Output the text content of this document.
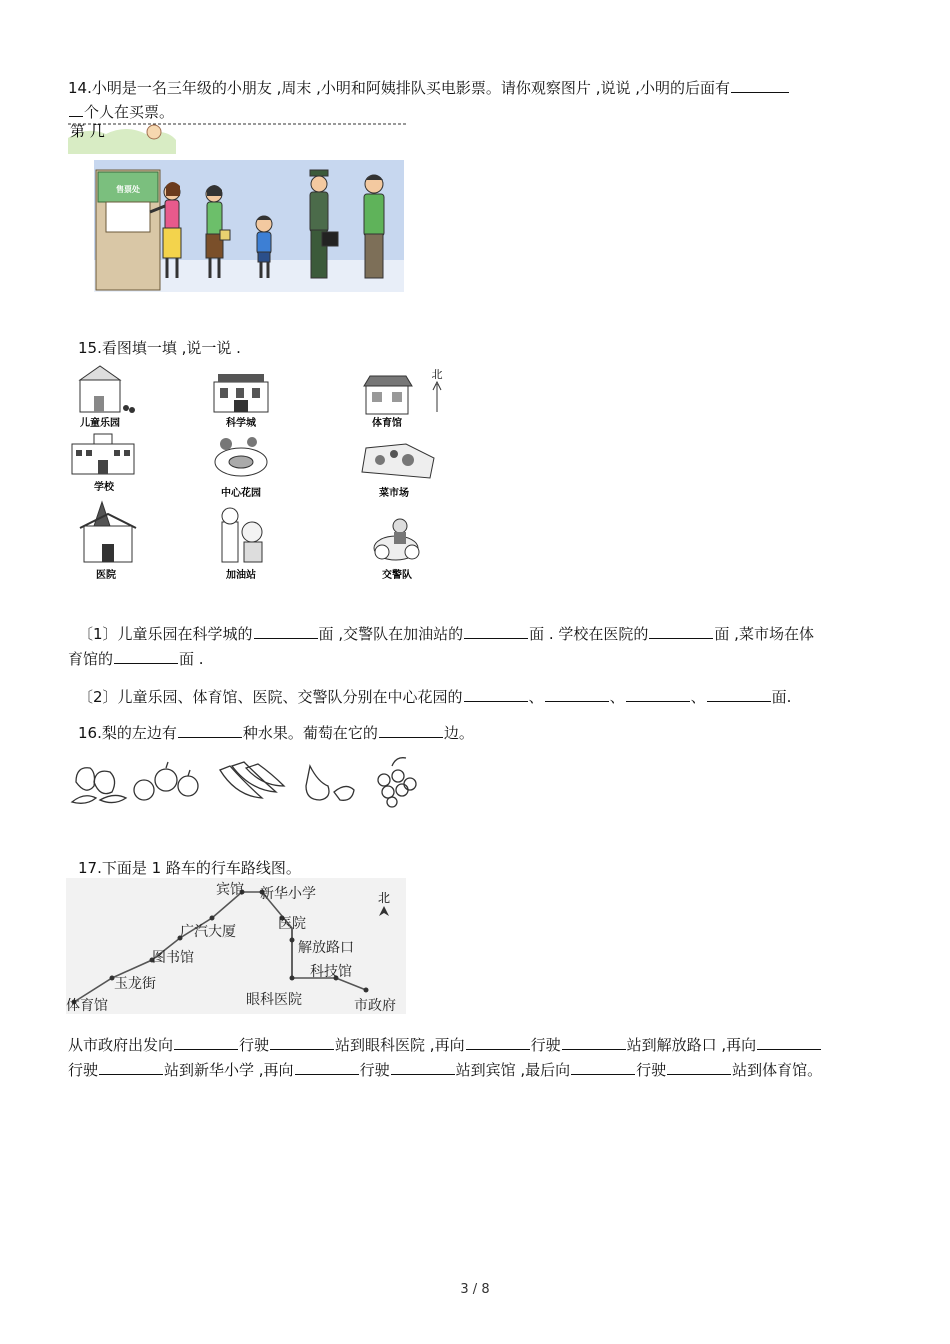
14.小明是一名三年级的小朋友 ,周末 ,小明和阿姨排队买电影票。请你观察图片 ,说说 ,小明的后面有
个人在买票。
第 几
售票处
15.看图填一填 ,说一说 .
北
儿童乐园	科学城	体育馆
学校
中心花园	菜市场
医院	加油站	交警队
〔1〕儿童乐园在科学城的	面 ,交警队在加油站的	面 . 学校在医院的	面 ,菜市场在体
育馆的	面 .
〔2〕儿童乐园、体育馆、医院、交警队分别在中心花园的	、	、	、	面.
16.梨的左边有	种水果。葡萄在它的	边。
17.下面是 1 路车的行车路线图。
宾馆 新华小学
广汽大厦	医院
图书馆
解放路口
玉龙街
科技馆
体育馆	眼科医院	市政府
北
从市政府出发向	行驶	站到眼科医院 ,再向	行驶	站到解放路口 ,再向
行驶	站到新华小学 ,再向	行驶	站到宾馆 ,最后向	行驶	站到体育馆。
3 / 8
